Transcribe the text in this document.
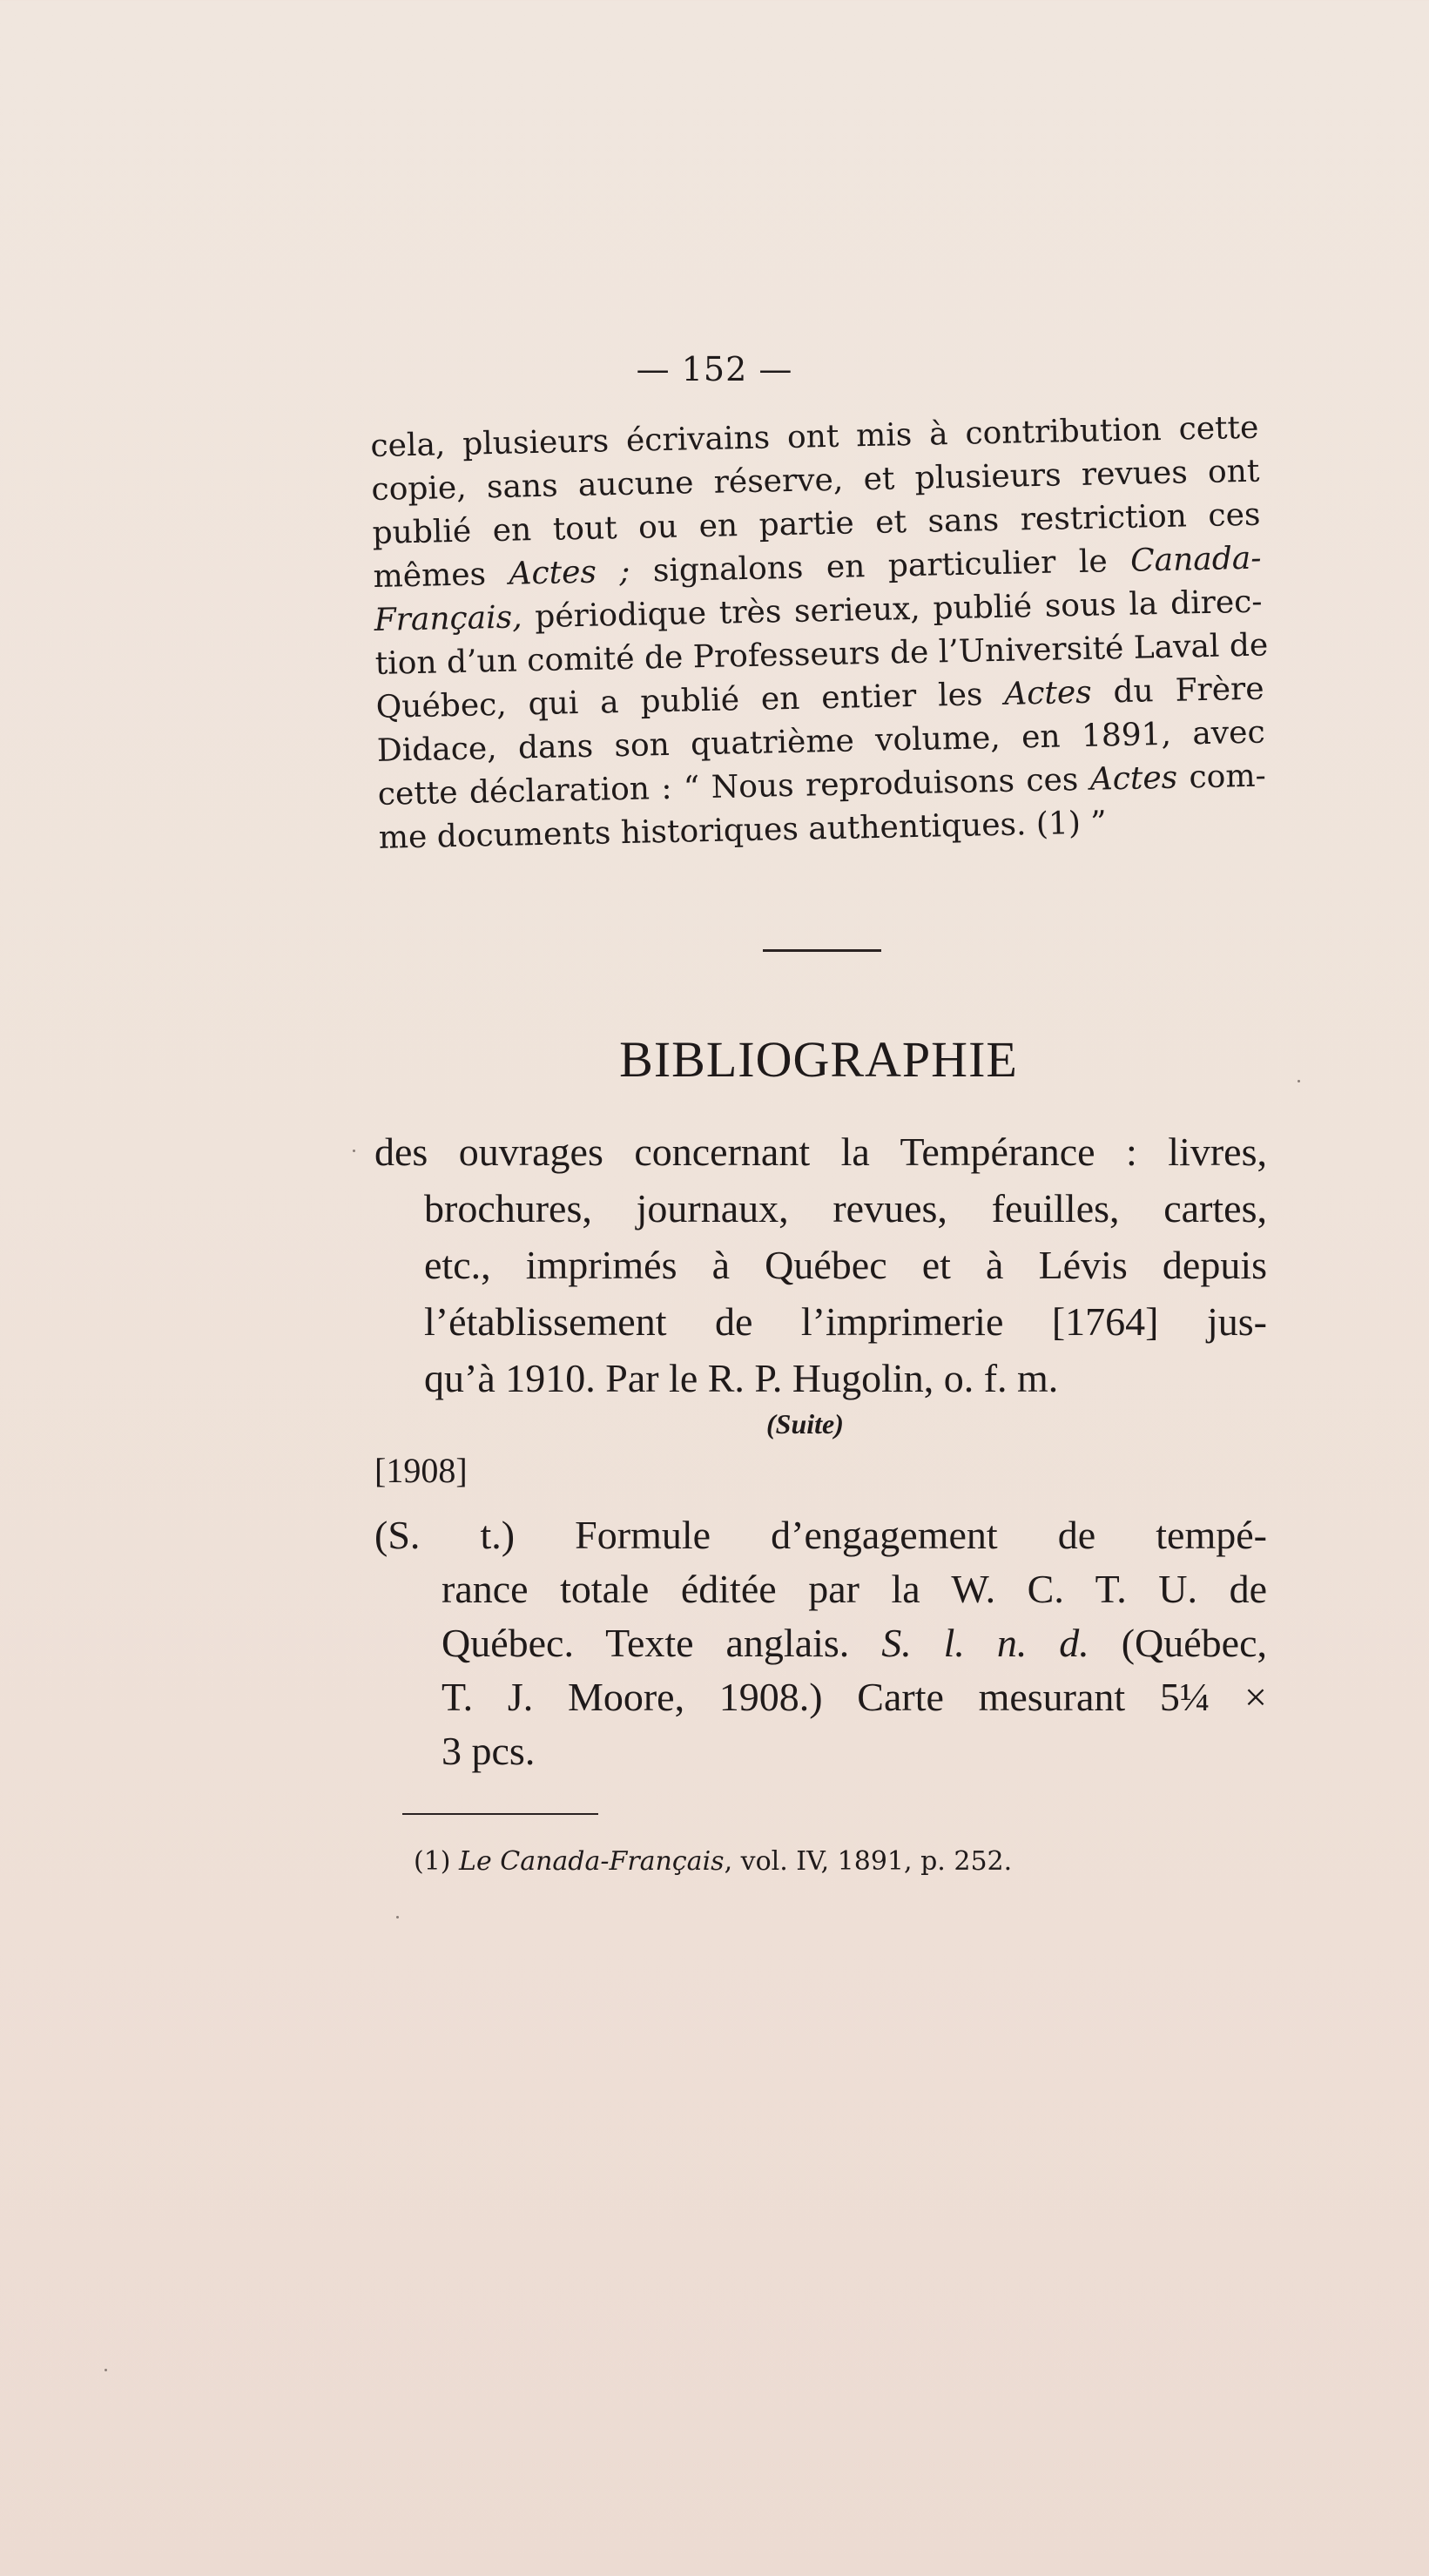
— 152 —
cela, plusieurs écrivains ont mis à contribution cette
copie, sans aucune réserve, et plusieurs revues ont
publié en tout ou en partie et sans restriction ces
mêmes Actes ; signalons en particulier le Canada-
Français, périodique très serieux, publié sous la direc-
tion d’un comité de Professeurs de l’Université Laval de
Québec, qui a publié en entier les Actes du Frère
Didace, dans son quatrième volume, en 1891, avec
cette déclaration : “ Nous reproduisons ces Actes com-
me documents historiques authentiques. (1) ”
BIBLIOGRAPHIE
des ouvrages concernant la Tempérance : livres,
brochures, journaux, revues, feuilles, cartes,
etc., imprimés à Québec et à Lévis depuis
l’établissement de l’imprimerie [1764] jus-
qu’à 1910. Par le R. P. Hugolin, o. f. m.
(Suite)
[1908]
(S. t.) Formule d’engagement de tempé-
rance totale éditée par la W. C. T. U. de
Québec. Texte anglais. S. l. n. d. (Québec,
T. J. Moore, 1908.) Carte mesurant 5¼ ×
3 pcs.
(1) Le Canada-Français, vol. IV, 1891, p. 252.
